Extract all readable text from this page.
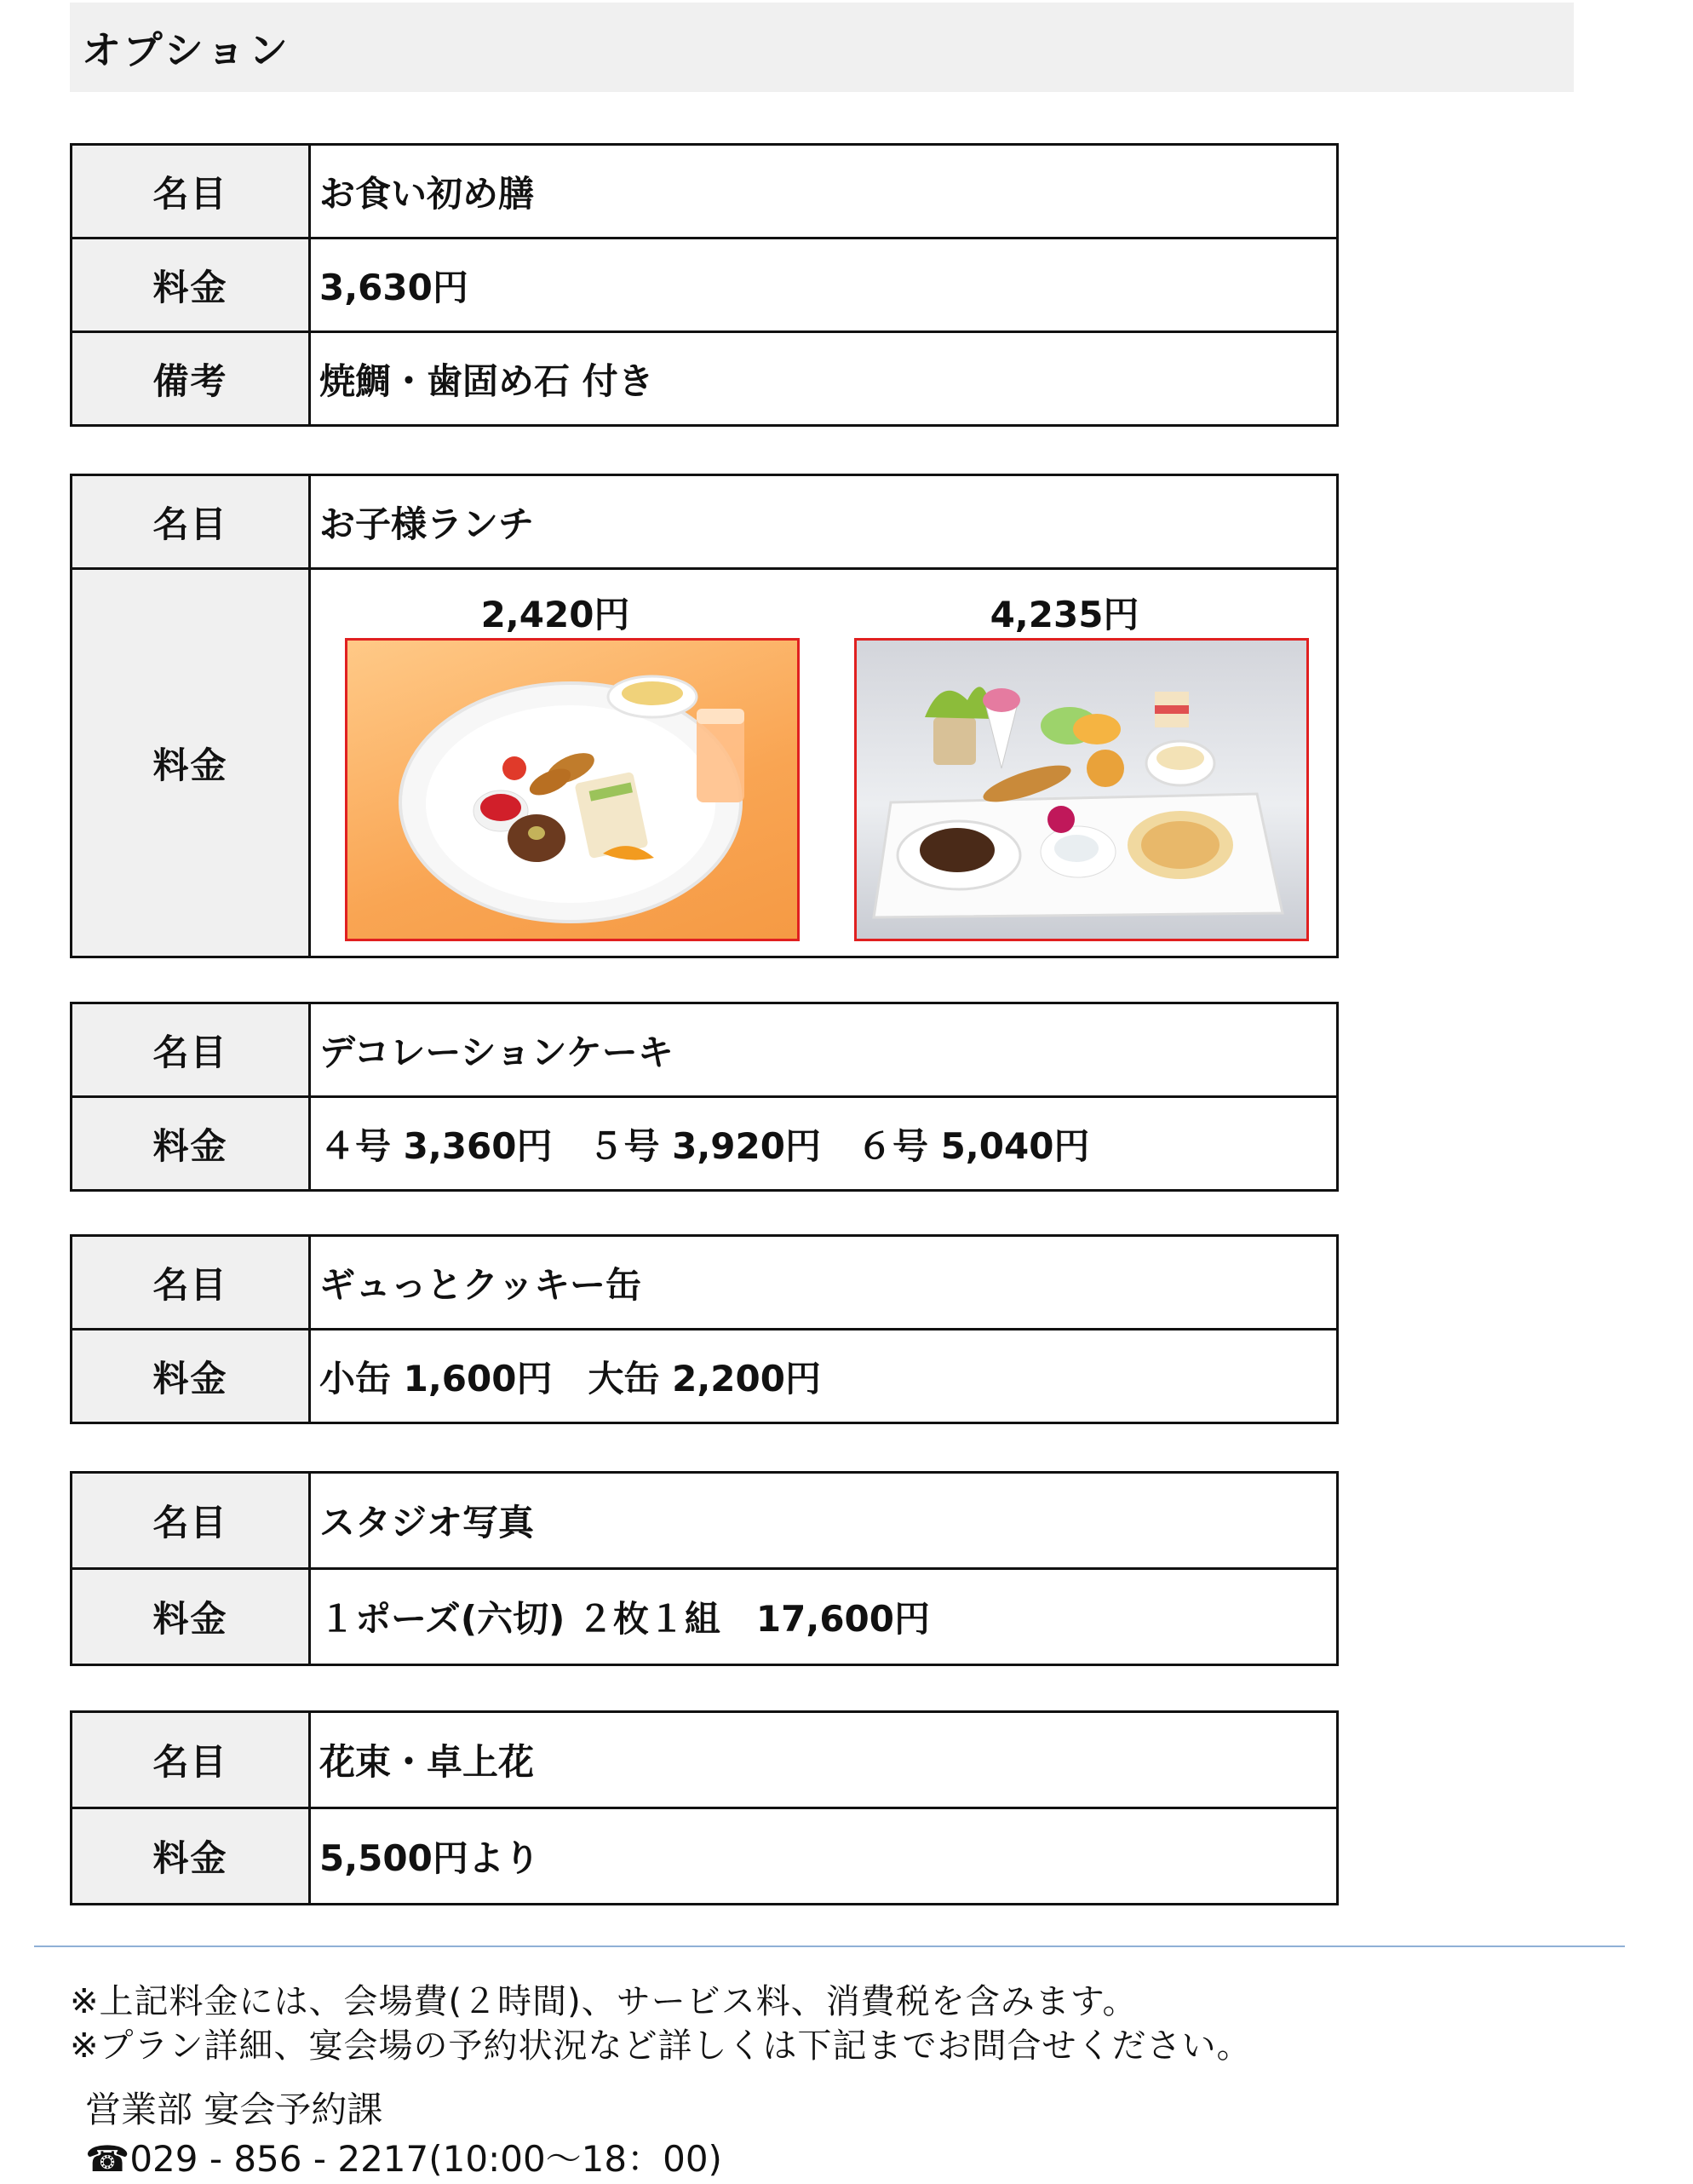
オプション
名目	お食い初め膳
料金	3,630円
備考	焼鯛・歯固め石 付き
名目	お子様ランチ
料金	2,420円 4,235円
名目	デコレーションケーキ
料金	４号 3,360円　５号 3,920円　６号 5,040円
名目	ギュっとクッキー缶
料金	小缶 1,600円　大缶 2,200円
名目	スタジオ写真
料金	１ポーズ(六切) ２枚１組　17,600円
名目	花束・卓上花
料金	5,500円より
※上記料金には、会場費(２時間)、サービス料、消費税を含みます。
※プラン詳細、宴会場の予約状況など詳しくは下記までお問合せください。
営業部 宴会予約課
☎029 - 856 - 2217(10:00〜18：00)
